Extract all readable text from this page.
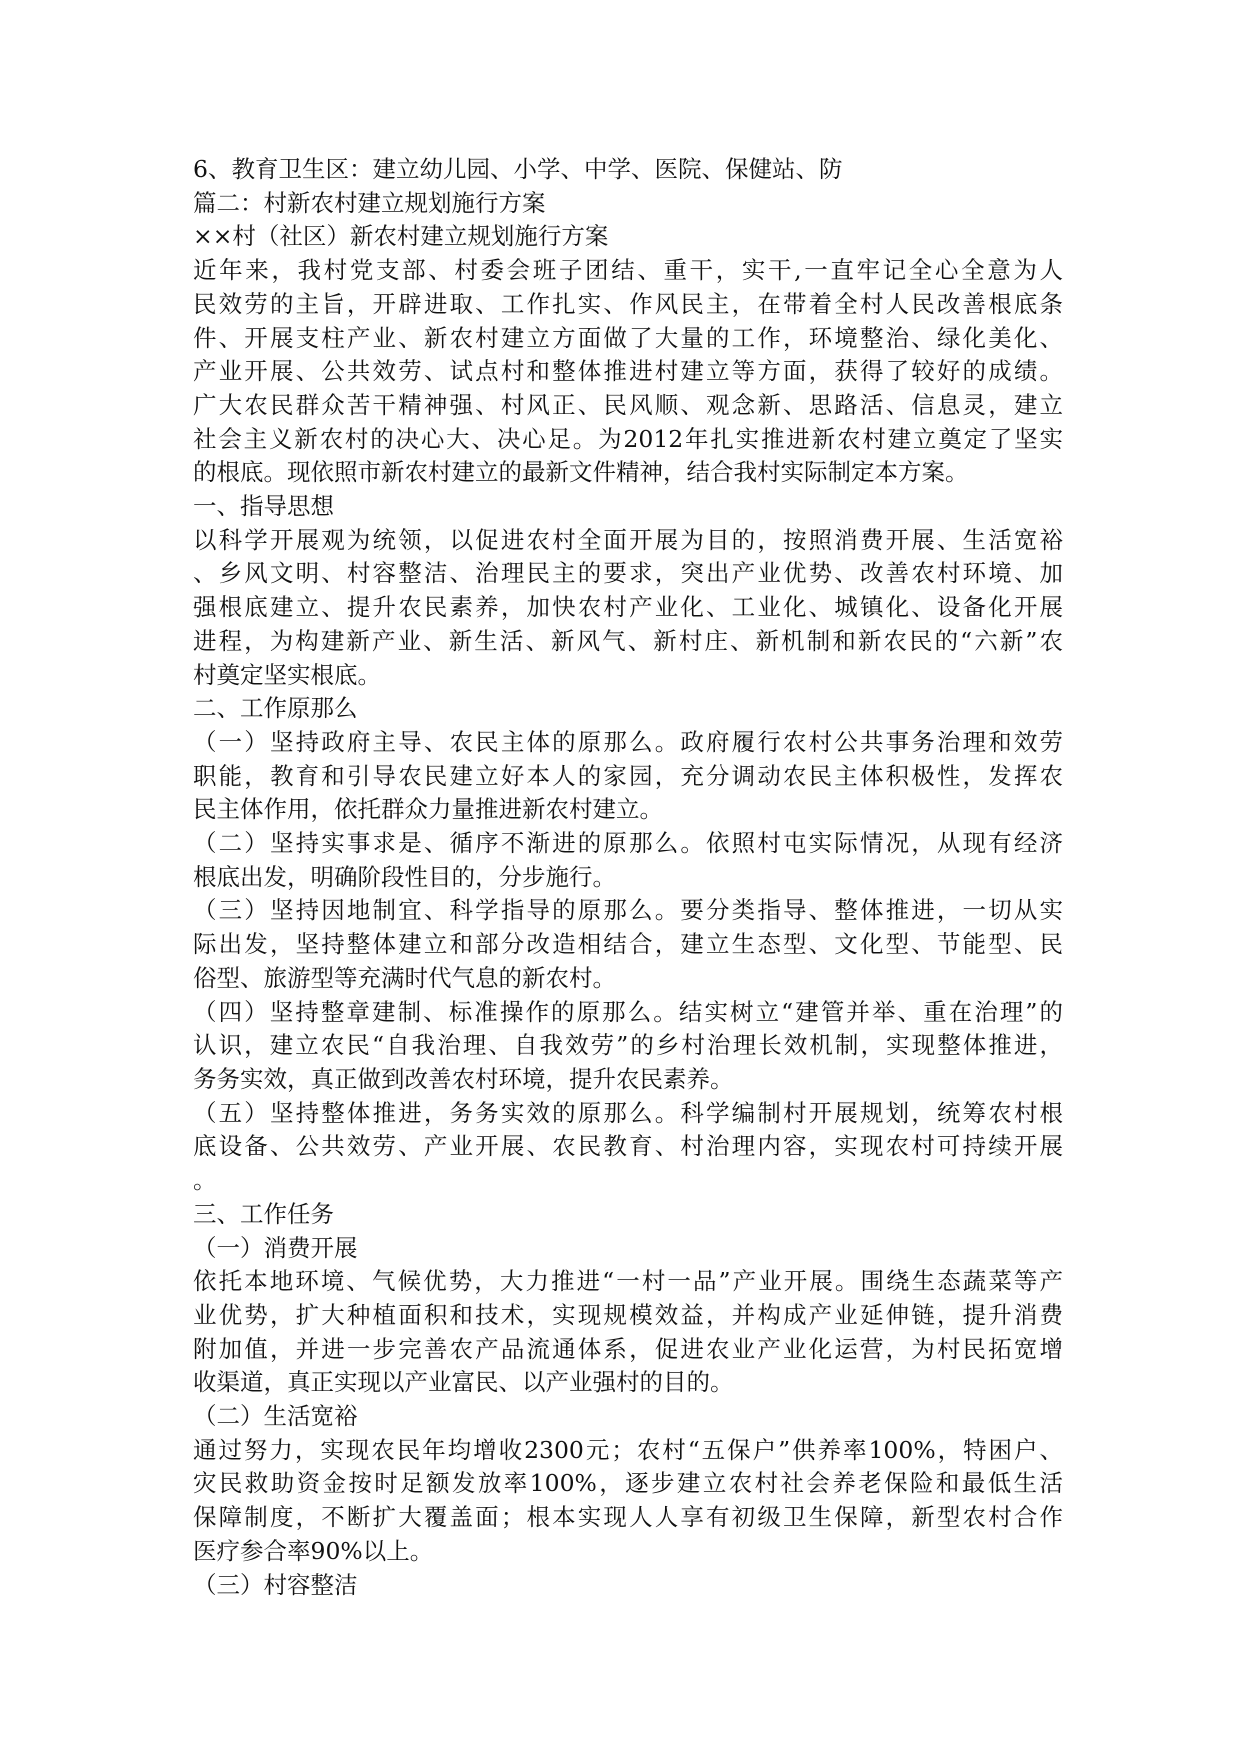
6、教育卫生区：建立幼儿园、小学、中学、医院、保健站、防
篇二：村新农村建立规划施行方案
××村（社区）新农村建立规划施行方案
近年来，我村党支部、村委会班子团结、重干，实干,一直牢记全心全意为人
民效劳的主旨，开辟进取、工作扎实、作风民主，在带着全村人民改善根底条
件、开展支柱产业、新农村建立方面做了大量的工作，环境整治、绿化美化、
产业开展、公共效劳、试点村和整体推进村建立等方面，获得了较好的成绩。
广大农民群众苦干精神强、村风正、民风顺、观念新、思路活、信息灵，建立
社会主义新农村的决心大、决心足。为2012年扎实推进新农村建立奠定了坚实
的根底。现依照市新农村建立的最新文件精神，结合我村实际制定本方案。
一、指导思想
以科学开展观为统领，以促进农村全面开展为目的，按照消费开展、生活宽裕
、乡风文明、村容整洁、治理民主的要求，突出产业优势、改善农村环境、加
强根底建立、提升农民素养，加快农村产业化、工业化、城镇化、设备化开展
进程，为构建新产业、新生活、新风气、新村庄、新机制和新农民的“六新”农
村奠定坚实根底。
二、工作原那么
（一）坚持政府主导、农民主体的原那么。政府履行农村公共事务治理和效劳
职能，教育和引导农民建立好本人的家园，充分调动农民主体积极性，发挥农
民主体作用，依托群众力量推进新农村建立。
（二）坚持实事求是、循序不渐进的原那么。依照村屯实际情况，从现有经济
根底出发，明确阶段性目的，分步施行。
（三）坚持因地制宜、科学指导的原那么。要分类指导、整体推进，一切从实
际出发，坚持整体建立和部分改造相结合，建立生态型、文化型、节能型、民
俗型、旅游型等充满时代气息的新农村。
（四）坚持整章建制、标准操作的原那么。结实树立“建管并举、重在治理”的
认识，建立农民“自我治理、自我效劳”的乡村治理长效机制，实现整体推进，
务务实效，真正做到改善农村环境，提升农民素养。
（五）坚持整体推进，务务实效的原那么。科学编制村开展规划，统筹农村根
底设备、公共效劳、产业开展、农民教育、村治理内容，实现农村可持续开展
。
三、工作任务
（一）消费开展
依托本地环境、气候优势，大力推进“一村一品”产业开展。围绕生态蔬菜等产
业优势，扩大种植面积和技术，实现规模效益，并构成产业延伸链，提升消费
附加值，并进一步完善农产品流通体系，促进农业产业化运营，为村民拓宽增
收渠道，真正实现以产业富民、以产业强村的目的。
（二）生活宽裕
通过努力，实现农民年均增收2300元；农村“五保户”供养率100%，特困户、
灾民救助资金按时足额发放率100%，逐步建立农村社会养老保险和最低生活
保障制度，不断扩大覆盖面；根本实现人人享有初级卫生保障，新型农村合作
医疗参合率90%以上。
（三）村容整洁
